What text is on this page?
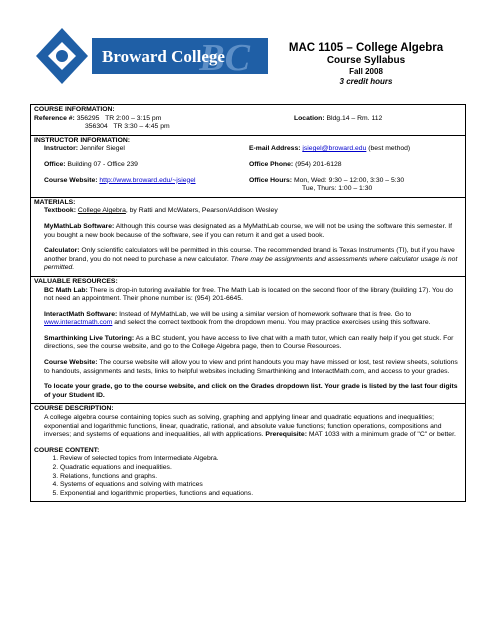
BC
Broward College	MAC 1105 – College Algebra
Course Syllabus
Fall 2008
3 credit hours
COURSE INFORMATION:
Reference #: 356295 TR 2:00 – 3:15 pm	Location: Bldg.14 – Rm. 112
356304 TR 3:30 – 4:45 pm
INSTRUCTOR INFORMATION:
Instructor: Jennifer Siegel	E-mail Address: jsiegel@broward.edu (best method)
Office: Building 07 - Office 239	Office Phone: (954) 201-6128
Course Website: http://www.broward.edu/~jsiegel	Office Hours: Mon, Wed: 9:30 – 12:00, 3:30 – 5:30
Tue, Thurs: 1:00 – 1:30
MATERIALS:
Textbook: College Algebra, by Ratti and McWaters, Pearson/Addison Wesley
MyMathLab Software: Although this course was designated as a MyMathLab course, we will not be using the software this semester. If you bought a new book because of the software, see if you can return it and get a used book.
Calculator: Only scientific calculators will be permitted in this course. The recommended brand is Texas Instruments (TI), but if you have another brand, you do not need to purchase a new calculator. There may be assignments and assessments where calculator usage is not permitted.
VALUABLE RESOURCES:
BC Math Lab: There is drop-in tutoring available for free. The Math Lab is located on the second floor of the library (building 17). You do not need an appointment. Their phone number is: (954) 201-6645.
InteractMath Software: Instead of MyMathLab, we will be using a similar version of homework software that is free. Go to www.interactmath.com and select the correct textbook from the dropdown menu. You may practice exercises using this software.
Smarthinking Live Tutoring: As a BC student, you have access to live chat with a math tutor, which can really help if you get stuck. For directions, see the course website, and go to the College Algebra page, then to Course Resources.
Course Website: The course website will allow you to view and print handouts you may have missed or lost, test review sheets, solutions to handouts, assignments and tests, links to helpful websites including Smarthinking and InteractMath.com, and access to your grades.
To locate your grade, go to the course website, and click on the Grades dropdown list. Your grade is listed by the last four digits of your Student ID.
COURSE DESCRIPTION:
A college algebra course containing topics such as solving, graphing and applying linear and quadratic equations and inequalities; exponential and logarithmic functions, linear, quadratic, rational, and absolute value functions; function operations, compositions and inverses; and systems of equations and inequalities, all with applications. Prerequisite: MAT 1033 with a minimum grade of "C" or better.
COURSE CONTENT:
1. Review of selected topics from Intermediate Algebra.
2. Quadratic equations and inequalities.
3. Relations, functions and graphs.
4. Systems of equations and solving with matrices
5. Exponential and logarithmic properties, functions and equations.
